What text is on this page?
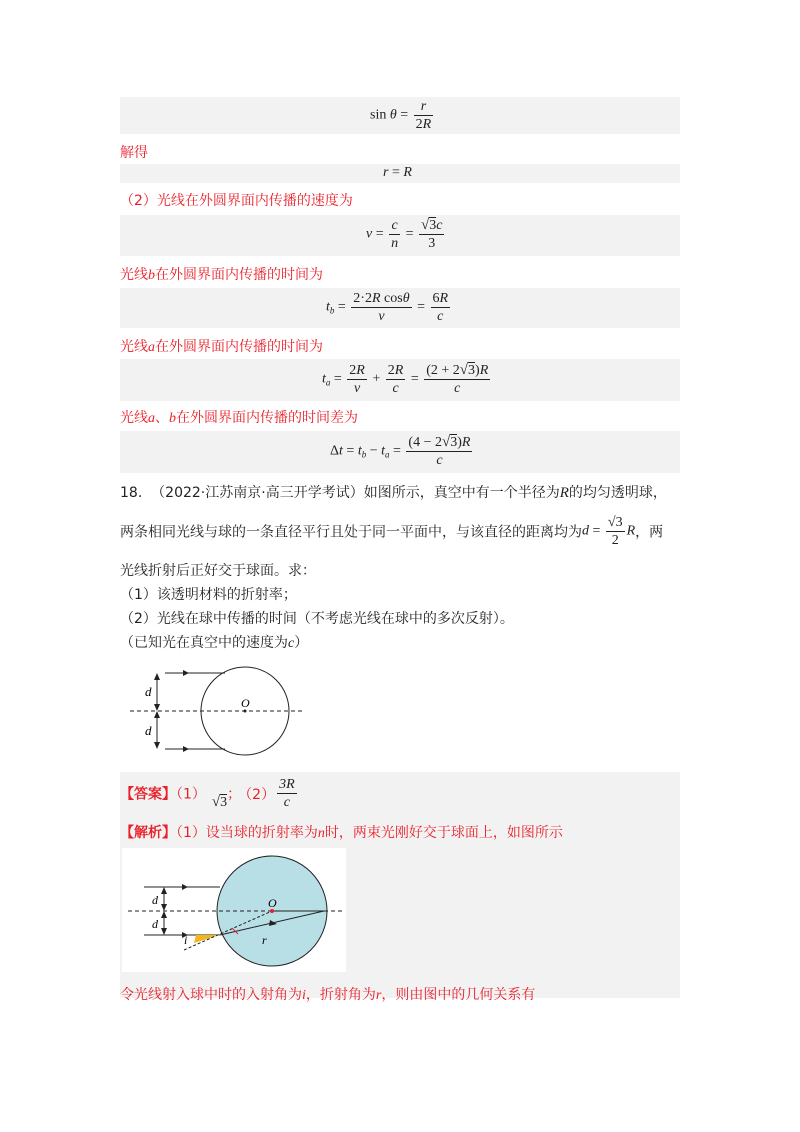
$\sin \theta = \frac{r}{2R}$
解得
r = R
（2）光线在外圆界面内传播的速度为
$v = \frac{c}{n} = \frac{√3c}{3}$
光线b在外圆界面内传播的时间为
$t_b = \frac{\text{2·2R cosθ}}{v} = \frac{6R}{c}$
光线a在外圆界面内传播的时间为
$t_a = \frac{2R}{v} + \frac{2R}{c} = \frac{(2 + 2√3)R}{c}$
光线a、b在外圆界面内传播的时间差为
$\Delta t = t_b - t_a = \frac{(4 - 2√3)R}{c}$
18. （2022·江苏南京·高三开学考试）如图所示，真空中有一个半径为R的均匀透明球，
两条相同光线与球的一条直径平行且处于同一平面中，与该直径的距离均为$d = \frac{√3}{2}$ R，两
光线折射后正好交于球面。求：
（1）该透明材料的折射率；
（2）光线在球中传播的时间（不考虑光线在球中的多次反射）。
（已知光在真空中的速度为c）
d
d
O
【答案】（1） √3； $(2) \frac{3R}{c}$
【解析】（1）设当球的折射率为n时，两束光刚好交于球面上，如图所示
d
d
O
i	r
令光线射入球中时的入射角为i，折射角为r，则由图中的几何关系有
